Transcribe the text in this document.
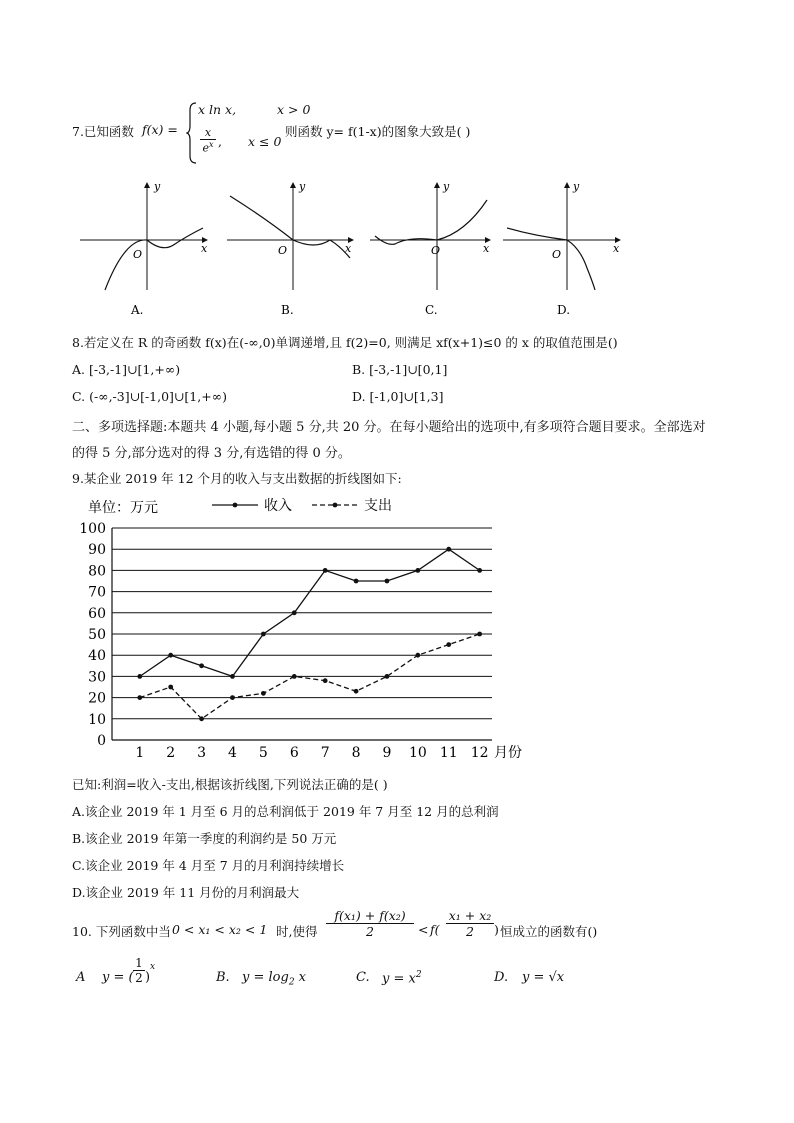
7.已知函数 f(x) =
x ln x,	x > 0
x
$e^x$ , x ≤ 0
则函数 y= f(1-x)的图象大致是( )
y
x
O
A.
y
x
O
B.
y
x
O
C.
y
x
O
D.
8.若定义在 R 的奇函数 f(x)在(-∞,0)单调递增,且 f(2)=0, 则满足 xf(x+1)≤0 的 x 的取值范围是()
A. [-3,-1]∪[1,+∞)	B. [-3,-1]∪[0,1]
C. (-∞,-3]∪[-1,0]∪[1,+∞)	D. [-1,0]∪[1,3]
二、多项选择题:本题共 4 小题,每小题 5 分,共 20 分。在每小题给出的选项中,有多项符合题目要求。全部选对
的得 5 分,部分选对的得 3 分,有选错的得 0 分。
9.某企业 2019 年 12 个月的收入与支出数据的折线图如下:
单位：万元	收入	支出
0
10
20
30
40
50
60
70
80
90
100
1 2 3 4 5 6 7 8 9 10 11 12 月份
已知:利润=收入-支出,根据该折线图,下列说法正确的是( )
A.该企业 2019 年 1 月至 6 月的总利润低于 2019 年 7 月至 12 月的总利润
B.该企业 2019 年第一季度的利润约是 50 万元
C.该企业 2019 年 4 月至 7 月的月利润持续增长
D.该企业 2019 年 11 月份的月利润最大
10. 下列函数中当 0 < x₁ < x₂ < 1 时,使得 $\frac{\text{f(x₁) + f(x₂)}}{2} < f( \frac{\text{x₁ + x₂}}{2}$ ) 恒成立的函数有()
A y = ( $\frac{1}{2}$ )
x
B. $y = \log_2 x$	C. $y = x^2$	D. y = √x
